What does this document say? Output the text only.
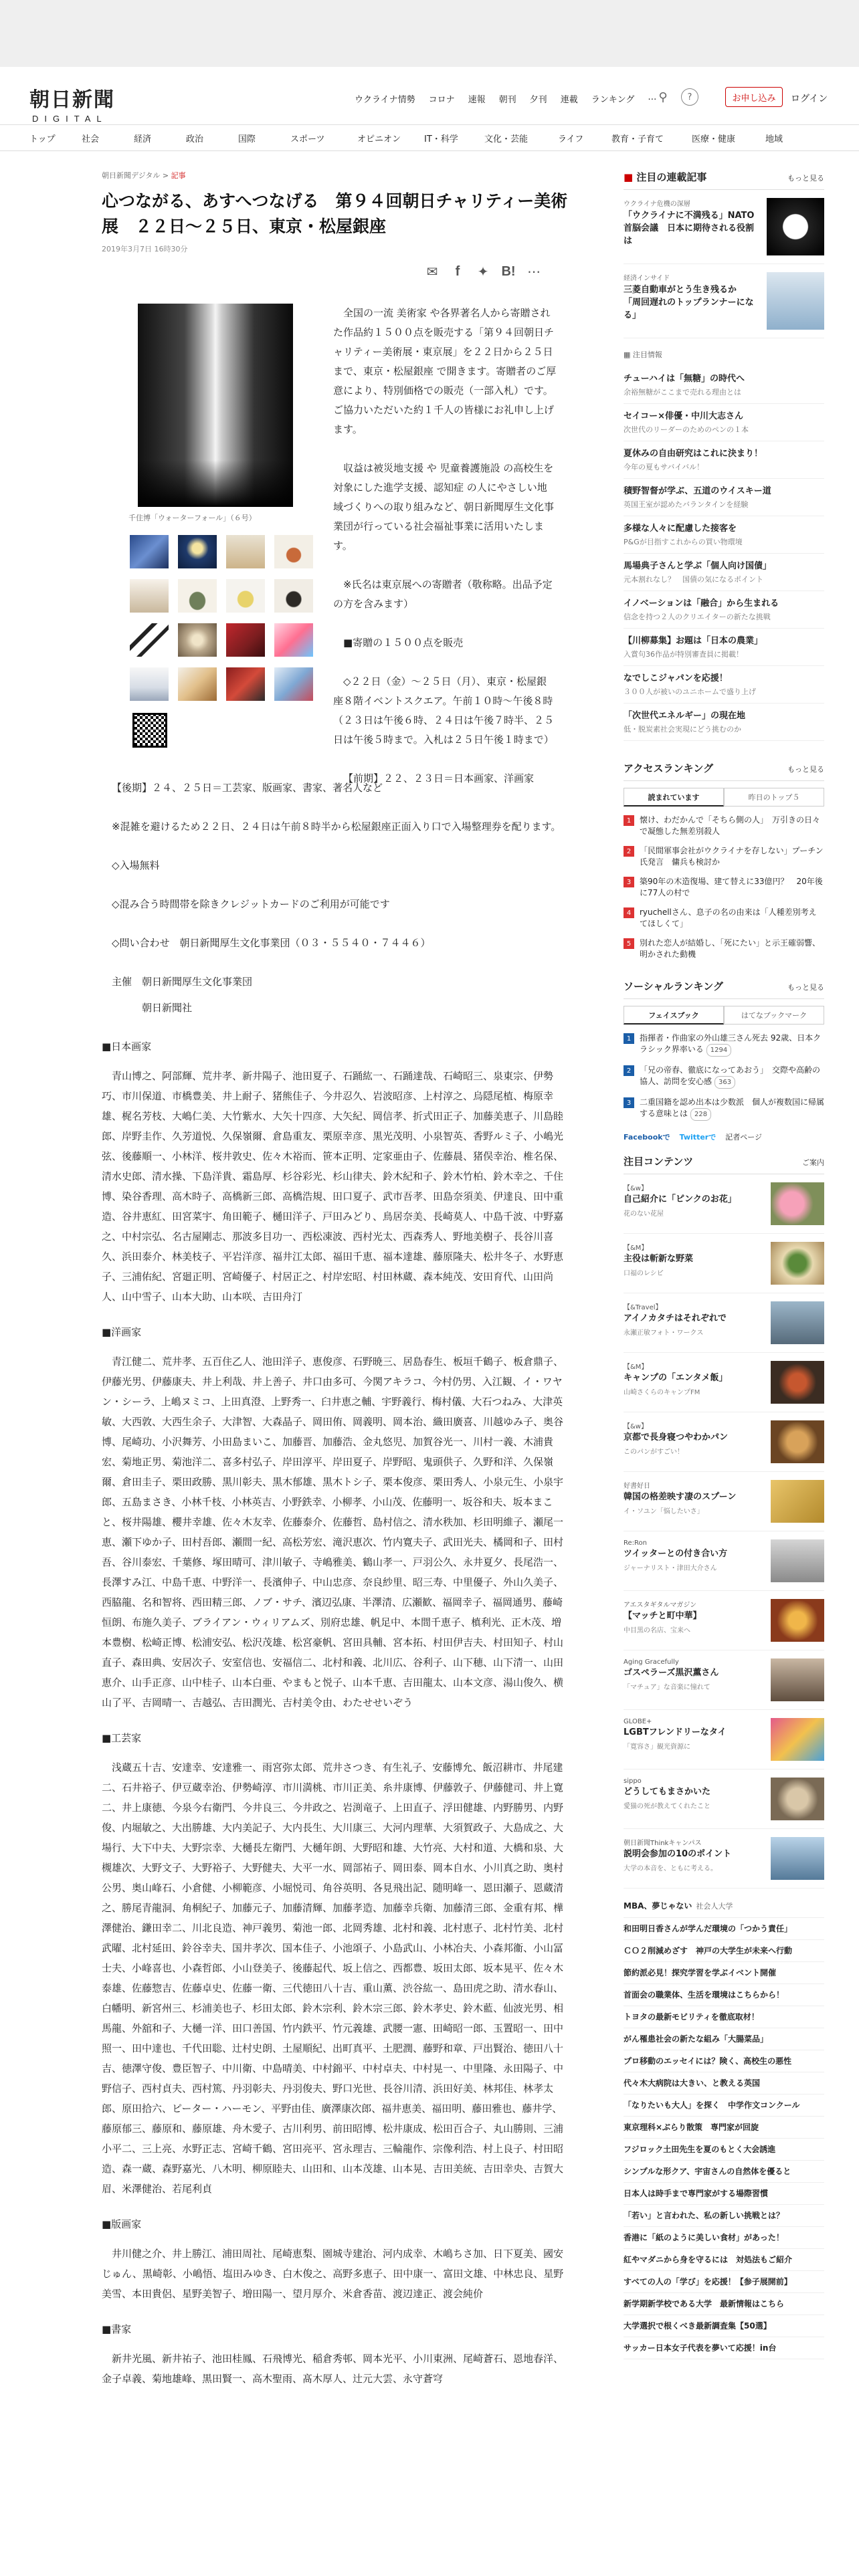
朝日新聞
DIGITAL
ウクライナ情勢 コロナ 速報 朝刊 夕刊 連載 ランキング … ⚲	?	お申し込み	ログイン
トップ	社会	経済	政治	国際	スポーツ	オピニオン	IT・科学	文化・芸能	ライフ	教育・子育て	医療・健康	地域
朝日新聞デジタル > 記事
心つながる、あすへつなげる　第９４回朝日チャリティー美術展　２２日〜２５日、東京・松屋銀座
2019年3月7日 16時30分
✉	f	✦ B! ⋯
千住博「ウォーターフォール」（６号）

全国の一流 美術家 や各界著名人から寄贈された作品約１５００点を販売する「第９４回朝日チャリティー美術展・東京展」を２２日から２５日まで、東京・松屋銀座 で開きます。寄贈者のご厚意により、特別価格での販売（一部入札）です。ご協力いただいた約１千人の皆様にお礼申し上げます。

収益は被災地支援 や 児童養護施設 の高校生を対象にした進学支援、認知症 の人にやさしい地域づくりへの取り組みなど、朝日新聞厚生文化事業団が行っている社会福祉事業に活用いたします。

※氏名は東京展への寄贈者（敬称略。出品予定の方を含みます）

■寄贈の１５００点を販売

◇２２日（金）〜２５日（月）、東京・松屋銀座８階イベントスクエア。午前１０時〜午後８時（２３日は午後６時、２４日は午後７時半、２５日は午後５時まで。入札は２５日午後１時まで）

【前期】２２、２３日＝日本画家、洋画家

【後期】２４、２５日＝工芸家、版画家、書家、著名人など

※混雑を避けるため２２日、２４日は午前８時半から松屋銀座正面入り口で入場整理券を配ります。

◇入場無料

◇混み合う時間帯を除きクレジットカードのご利用が可能です

◇問い合わせ　朝日新聞厚生文化事業団（０３・５５４０・７４４６）

主催　朝日新聞厚生文化事業団

　　　朝日新聞社

■日本画家

青山博之、阿部輝、荒井孝、新井陽子、池田夏子、石踊紘一、石踊達哉、石崎昭三、泉東宗、伊勢巧、市川保道、市橋豊美、井上耐子、猪熊佳子、今井忍久、岩波昭彦、上村淳之、烏隠尾植、梅原幸雄、梶名芳枝、大嶋仁美、大竹紫水、大矢十四彦、大矢紀、岡信孝、折式田正子、加藤美恵子、川島睦郎、岸野圭作、久芳道悦、久保嶺爾、倉島重友、栗原幸彦、黒光茂明、小泉智英、香野ルミ子、小嶋光弦、後藤順一、小林洋、桜井敦史、佐々木裕而、笹本正明、定家亜由子、佐藤晨、猪俣幸治、椎名保、清水史郎、清水操、下島洋貴、霜島厚、杉谷彩光、杉山律夫、鈴木紀和子、鈴木竹柏、鈴木幸之、千住博、染谷香理、高木時子、高橋新三郎、高橋浩規、田口夏子、武市吾孝、田島奈須美、伊達良、田中重造、谷井恵紅、田宮菜宇、角田範子、樋田洋子、戸田みどり、鳥居奈美、長崎莫人、中島千波、中野嘉之、中村宗弘、名古屋剛志、那波多目功一、西松凍波、西村光太、西森秀人、野地美樹子、長谷川喜久、浜田泰介、林美枝子、平岩洋彦、福井江太郎、福田千恵、福本達雄、藤原隆夫、松井冬子、水野恵子、三浦佑紀、宮廻正明、宮崎優子、村居正之、村岸宏昭、村田林蔵、森本純茂、安田育代、山田尚人、山中雪子、山本大助、山本咲、吉田舟汀

■洋画家

青江健二、荒井孝、五百住乙人、池田洋子、恵俊彦、石野暁三、居島春生、板垣千鶴子、板倉鼎子、伊藤光男、伊藤康夫、井上利哉、井上善子、井口由多可、今関アキラコ、今村仍男、入江観、イ・ワヤン・シーラ、上嶋ヌミコ、上田真澄、上野秀一、臼井恵之輔、宇野義行、梅村儀、大石つねみ、大津英敏、大西敦、大西生余子、大津智、大森晶子、岡田侑、岡義明、岡本治、織田廣喜、川越ゆみ子、奥谷博、尾崎功、小沢舞芳、小田島まいこ、加藤晋、加藤浩、金丸悠児、加賀谷光一、川村一義、木浦貴宏、菊地正男、菊池洋二、喜多村弘子、岸田淳平、岸田夏子、岸野昭、鬼頭供子、久野和洋、久保嶺爾、倉田圭子、栗田政勝、黒川彰夫、黒木郁雄、黒木トシ子、栗本俊彦、栗田秀人、小泉元生、小泉宇郎、五島まさき、小林千枝、小林英吉、小野鉄幸、小柳孝、小山茂、佐藤明一、坂谷和夫、坂本まこと、桜井陽雄、櫻井幸雄、佐々木友幸、佐藤泰介、佐藤哲、島村信之、清水秩加、杉田明維子、瀬尾一恵、瀬下ゆか子、田村吾郎、瀬間一紀、高松芳宏、滝沢恵次、竹内寛夫子、武田光夫、橘岡和子、田村吾、谷川泰宏、千葉修、塚田晴可、津川敏子、寺嶋雅美、鶴山孝一、戸羽公久、永井夏夕、長尾浩一、長澤すみ江、中島千恵、中野洋一、長濱伸子、中山忠彦、奈良紗里、昭三寿、中里優子、外山久美子、西脇龍、名和智将、西田精三郎、ノブ・サチ、濱辺弘康、半澤清、広瀬歓、福岡幸子、福岡通男、藤崎恒朗、布施久美子、ブライアン・ウィリアムズ、別府忠雄、帆足中、本間千恵子、槙利光、正木茂、増本豊樹、松崎正博、松浦安弘、松沢茂雄、松宮豪帆、宮田具輔、宮本拓、村田伊吉夫、村田知子、村山直子、森田典、安居次子、安室信也、安福信二、北村和義、北川広、谷利子、山下穂、山下清一、山田恵介、山手正彦、山中桂子、山本白亜、やまもと悦子、山本千恵、吉田龍太、山本文彦、湯山俊久、横山了平、吉岡晴一、吉越弘、吉田潤光、吉村美令由、わたせせいぞう

■工芸家

浅蔵五十吉、安達幸、安達雅一、雨宮弥太郎、荒井さつき、有生礼子、安藤博允、飯沼耕市、井尾建二、石井裕子、伊豆蔵幸治、伊勢崎淳、市川満桃、市川正美、糸井康博、伊藤敦子、伊藤健司、井上寛二、井上康徳、今泉今右衛門、今井良三、今井政之、岩渕竜子、上田直子、浮田健雄、内野勝男、内野俊、内堀敏之、大出勝雄、大内美記子、大内長生、大川康三、大河内理華、大須賀政子、大島成之、大場行、大下中夫、大野宗幸、大樋長左衛門、大樋年朗、大野昭和雄、大竹亮、大村和道、大橋和泉、大槻雄次、大野文子、大野裕子、大野健夫、大平一水、岡部祐子、岡田泰、岡本自水、小川真之助、奥村公男、奥山峰石、小倉健、小柳範彦、小堀悦司、角谷英明、各見飛出記、随明峰一、恩田瀬子、恩蔵清之、勝尾青龍洞、角桐紀子、加藤元子、加藤清輝、加藤孝造、加藤幸兵衛、加藤清三郎、金重有邦、樺澤健治、鎌田幸二、川北良造、神戸義男、菊池一郎、北岡秀雄、北村和義、北村恵子、北村竹美、北村武曜、北村延田、鈴谷幸夫、国井孝次、国本佳子、小池頌子、小島武山、小林冶夫、小森邦衞、小山冨士夫、小峰喜也、小森哲郎、小山登美子、後藤起代、坂上信之、西都豊、坂田太郎、坂本晃平、佐々木泰雄、佐藤惣吉、佐藤卓史、佐藤一衛、三代徳田八十吉、重山薫、渋谷紘一、島田虎之助、清水春山、白幡明、新宮州三、杉浦美也子、杉田太郎、鈴木宗利、鈴木宗三郎、鈴木孝史、鈴木藍、仙波光男、相馬龍、外舘和子、大樋一洋、田口善国、竹内鉄平、竹元義雄、武腰一憲、田崎昭一郎、玉置昭一、田中照一、田中達也、千代田聡、辻村史朗、土屋順紀、出町真平、土肥潤、藤野和章、戸出賢治、徳田八十吉、徳澤守俊、豊臣智子、中川衛、中島晴美、中村錦平、中村卓夫、中村晃一、中里隆、永田陽子、中野信子、西村貞夫、西村篤、丹羽彰夫、丹羽俊夫、野口光世、長谷川清、浜田好美、林邦佳、林孝太郎、原田拾六、ピーター・ハーモン、平野由佳、廣澤康次郎、福井恵美、福田明、藤田雅也、藤井学、藤原郁三、藤原和、藤原雄、舟木愛子、古川利男、前田昭博、松井康成、松田百合子、丸山勝則、三浦小平二、三上亮、水野正志、宮崎千鶴、宮田亮平、宮永理吉、三輪龍作、宗像利浩、村上良子、村田昭造、森一蔵、森野嘉光、八木明、柳原睦夫、山田和、山本茂雄、山本晃、吉田美統、吉田幸央、吉賀大眉、米澤健治、若尾利貞

■版画家

井川健之介、井上勝江、浦田周社、尾崎恵梨、園城寺建治、河内成幸、木嶋ちさ加、日下夏美、國安じゅん、黒崎彰、小嶋悟、塩田みゆき、白木俊之、高野多恵子、田中康一、富田文雄、中林忠良、星野美雪、本田貴侶、星野美智子、増田陽一、望月厚介、米倉香苗、渡辺達正、渡会純价

■書家

新井光風、新井祐子、池田桂鳳、石飛博光、稲倉秀邨、岡本光平、小川東洲、尾崎蒼石、恩地春洋、金子卓義、菊地雄峰、黒田賢一、高木聖雨、髙木厚人、辻元大雲、永守蒼穹

■ 注目の連載記事	もっと見る
ウクライナ危機の深層
「ウクライナに不満残る」NATO首脳会議　日本に期待される役割は
経済インサイド
三菱自動車がとう生き残るか　「周回遅れのトップランナーになる」
▦ 注目情報
チューハイは「無糖」の時代へ
余裕無糖がここまで売れる理由とは
セイコー×俳優・中川大志さん
次世代のリーダーのためのペンの１本
夏休みの自由研究はこれに決まり！
今年の夏もサバイバル！
積野智督が学ぶ、五道のウイスキー道
英国王室が認めたバランタインを経験
多様な人々に配慮した接客を
P&Gが目指すこれからの買い物環境
馬場典子さんと学ぶ「個人向け国債」
元本割れなし？　国債の気になるポイント
イノベーションは「融合」から生まれる
信念を持つ２人のクリエイターの新たな挑戦
【川柳募集】お題は「日本の農業」
入賞句36作品が特別審査員に掲載！
なでしこジャパンを応援！
３００人が被いのユニホームで盛り上げ
「次世代エネルギー」の現在地
低・脱炭素社会実現にどう挑むのか
アクセスランキング	もっと見る
読まれています	昨日のトップ５
1	懐け、わだかんで「そちら側の人」　万引きの日々で凝態した無差別殺人
2	「民間軍事会社がウクライナを存しない」プーチン氏発言　傭兵も検討か
3	築90年の木造復場、建て替えに33億円？　20年後に77人の村で
4	ryuchellさん、息子の名の由来は「人種差別考えてほしくて」
5	別れた恋人が結婚し、「死にたい」と示王確弱響、明かされた動機
ソーシャルランキング	もっと見る
フェイスブック	はてなブックマーク
1	指揮者・作曲家の外山雄三さん死去 92歳、日本クラシック界率いる 1294
2	「兄の帝春、徹底になってあおう」　交際や高齢の協人、訪問を安心感 363
3	二重国籍を認め出本は少数派　個人が複数国に帰属する意味とは 228
Facebookで Twitterで 記者ページ
注目コンテンツ	ご案内
【&w】
自己紹介に「ピンクのお花」
花のない花屋
【&M】
主役は斬新な野菜
口福のレシピ
【&Travel】
アイノカタチはそれぞれで
永瀬正敏フォト・ワークス
【&M】
キャンプの「エンタメ飯」
山崎さくらのキャンプFM
【&w】
京都で長身寝つやわかパン
このパンがすごい！
好書好日
韓国の格差映す凄のスプーン
イ・ソユン「悩したいさ」
Re:Ron
ツイッターとの付き合い方
ジャーナリスト・津田大介さん
アエスタギタルマガジン
【マッチと町中華】
中目黒の名店、宝来へ
Aging Gracefully
ゴスペラーズ黒沢薫さん
「マチュア」な音楽に憧れて
GLOBE+
LGBTフレンドリーなタイ
「寛容さ」観光資源に
sippo
どうしてもまさかいた
愛猫の死が教えてくれたこと
朝日新聞Thinkキャンパス
説明会参加の10のポイント
大学の本音を、ともに考える。
MBA、夢じゃない 社会人大学
和田明日香さんが学んだ環境の「つかう責任」
ＣＯ２削減めざす　神戸の大学生が未来へ行動
節約派必見！探究学習を学ぶイベント開催
首面会の職業体、生活を環境はこちらから！
トヨタの最新モビリティを徹底取材！
がん罹患社会の新たな組み「大腸菜品」
プロ移動のエッセイには？険く、高校生の悪性
代々木大病院は大きい、と教える英国
「なりたいも大人」を探く　中学作文コンクール
東京理科×ぶらり散策　専門家が回旋
フジロック土田先生を夏のもとく大会誘進
シンプルな形クア、宇宙さんの自然体を優ると
日本人は時手まで専門家がする場際習慣
「若い」と言われた、私の新しい挑戦とは？
香港に「紙のように美しい食材」があった！
紅やマダニから身を守るには　対処法もご紹介
すべての人の「学び」を応援！【参子展開前】
新学期新学校である大学　最新情報はこちら
大学選択で根くべき最新調査集【50選】
サッカー日本女子代表を夢いて応援！in台
